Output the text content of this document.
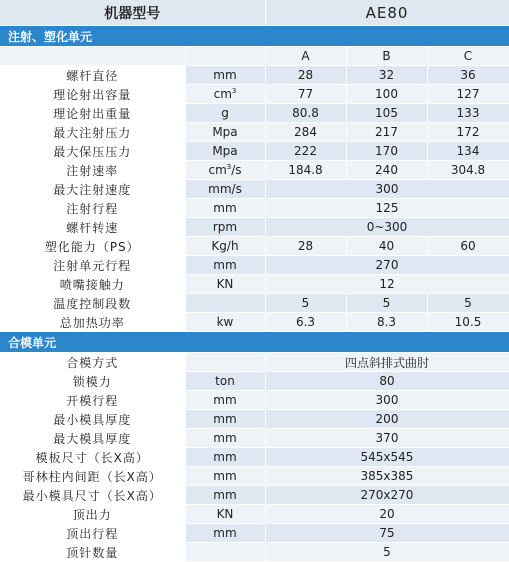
机器型号		AE80		
注射、塑化单元				
		A	B	C
螺杆直径	mm	28	32	36
理论射出容量	$cm^3$	77	100	127
理论射出重量	g	80.8	105	133
最大注射压力	Mpa	284	217	172
最大保压压力	Mpa	222	170	134
注射速率	$cm^3/s$	184.8	240	304.8
最大注射速度	mm/s	300		
注射行程	mm	125		
螺杆转速	rpm	0~300		
塑化能力（PS）	Kg/h	28	40	60
注射单元行程	mm	270		
喷嘴接触力	KN	12		
温度控制段数		5	5	5
总加热功率	kw	6.3	8.3	10.5
合模单元				
合模方式		四点斜排式曲肘		
锁模力	ton	80		
开模行程	mm	300		
最小模具厚度	mm	200		
最大模具厚度	mm	370		
模板尺寸（长X高）	mm	545x545		
哥林柱内间距（长X高）	mm	385x385		
最小模具尺寸（长X高）	mm	270x270		
顶出力	KN	20		
顶出行程	mm	75		
顶针数量		5		
